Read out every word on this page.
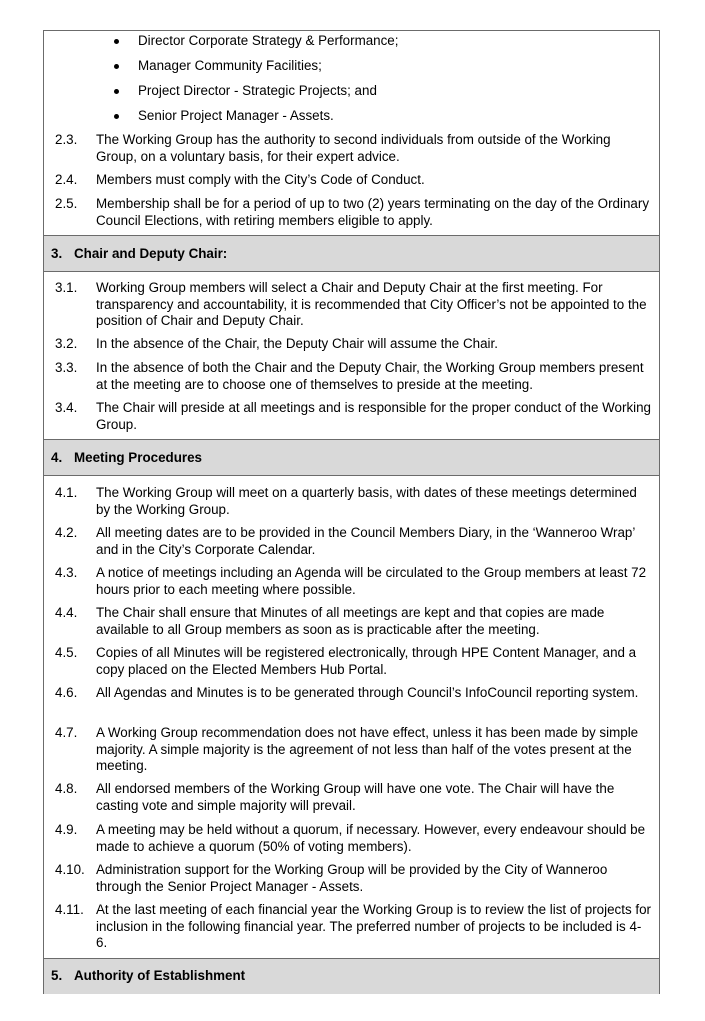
Director Corporate Strategy & Performance;
Manager Community Facilities;
Project Director - Strategic Projects; and
Senior Project Manager - Assets.
2.3. The Working Group has the authority to second individuals from outside of the Working Group, on a voluntary basis, for their expert advice.
2.4. Members must comply with the City’s Code of Conduct.
2.5. Membership shall be for a period of up to two (2) years terminating on the day of the Ordinary Council Elections, with retiring members eligible to apply.
3. Chair and Deputy Chair:
3.1. Working Group members will select a Chair and Deputy Chair at the first meeting. For transparency and accountability, it is recommended that City Officer’s not be appointed to the position of Chair and Deputy Chair.
3.2. In the absence of the Chair, the Deputy Chair will assume the Chair.
3.3. In the absence of both the Chair and the Deputy Chair, the Working Group members present at the meeting are to choose one of themselves to preside at the meeting.
3.4. The Chair will preside at all meetings and is responsible for the proper conduct of the Working Group.
4. Meeting Procedures
4.1. The Working Group will meet on a quarterly basis, with dates of these meetings determined by the Working Group.
4.2. All meeting dates are to be provided in the Council Members Diary, in the ‘Wanneroo Wrap’ and in the City’s Corporate Calendar.
4.3. A notice of meetings including an Agenda will be circulated to the Group members at least 72 hours prior to each meeting where possible.
4.4. The Chair shall ensure that Minutes of all meetings are kept and that copies are made available to all Group members as soon as is practicable after the meeting.
4.5. Copies of all Minutes will be registered electronically, through HPE Content Manager, and a copy placed on the Elected Members Hub Portal.
4.6. All Agendas and Minutes is to be generated through Council’s InfoCouncil reporting system.
4.7. A Working Group recommendation does not have effect, unless it has been made by simple majority. A simple majority is the agreement of not less than half of the votes present at the meeting.
4.8. All endorsed members of the Working Group will have one vote. The Chair will have the casting vote and simple majority will prevail.
4.9. A meeting may be held without a quorum, if necessary. However, every endeavour should be made to achieve a quorum (50% of voting members).
4.10. Administration support for the Working Group will be provided by the City of Wanneroo through the Senior Project Manager - Assets.
4.11. At the last meeting of each financial year the Working Group is to review the list of projects for inclusion in the following financial year. The preferred number of projects to be included is 4-6.
5. Authority of Establishment
